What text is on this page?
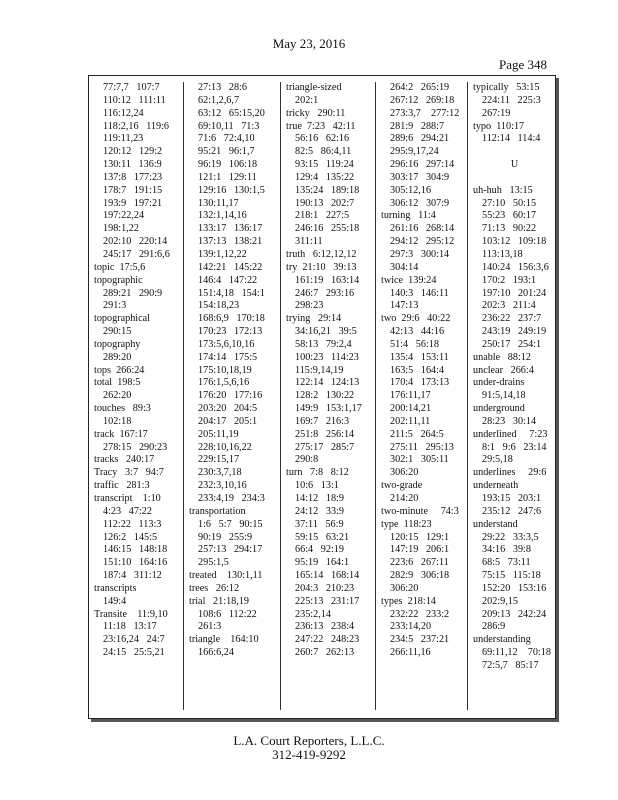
May 23, 2016
Page 348
77:7,7   107:7
110:12   111:11
116:12,24
118:2,16   119:6
119:11,23
120:12   129:2
130:11   136:9
137:8   177:23
178:7   191:15
193:9   197:21
197:22,24
198:1,22
202:10   220:14
245:17   291:6,6
topic  17:5,6
topographic
289:21   290:9
291:3
topographical
290:15
topography
289:20
tops  266:24
total  198:5
262:20
touches   89:3
102:18
track  167:17
278:15   290:23
tracks   240:17
Tracy   3:7   94:7
traffic   281:3
transcript    1:10
4:23   47:22
112:22   113:3
126:2   145:5
146:15   148:18
151:10   164:16
187:4   311:12
transcripts
149:4
Transite    11:9,10
11:18   13:17
23:16,24   24:7
24:15   25:5,21
27:13   28:6
62:1,2,6,7
63:12   65:15,20
69:10,11   71:3
71:6   72:4,10
95:21   96:1,7
96:19   106:18
121:1   129:11
129:16   130:1,5
130:11,17
132:1,14,16
133:17   136:17
137:13   138:21
139:1,12,22
142:21   145:22
146:4   147:22
151:4,18   154:1
154:18,23
168:6,9   170:18
170:23   172:13
173:5,6,10,16
174:14   175:5
175:10,18,19
176:1,5,6,16
176:20   177:16
203:20   204:5
204:17   205:1
205:11,19
228:10,16,22
229:15,17
230:3,7,18
232:3,10,16
233:4,19   234:3
transportation
1:6   5:7   90:15
90:19   255:9
257:13   294:17
295:1,5
treated    130:1,11
trees   26:12
trial   21:18,19
108:6   112:22
261:3
triangle    164:10
166:6,24
triangle-sized
202:1
tricky   290:11
true  7:23   42:11
56:16   62:16
82:5   86:4,11
93:15   119:24
129:4   135:22
135:24   189:18
190:13   202:7
218:1   227:5
246:16   255:18
311:11
truth   6:12,12,12
try  21:10   39:13
161:19   163:14
246:7   293:16
298:23
trying   29:14
34:16,21   39:5
58:13   79:2,4
100:23   114:23
115:9,14,19
122:14   124:13
128:2   130:22
149:9   153:1,17
169:7   216:3
251:8   256:14
275:17   285:7
290:8
turn   7:8   8:12
10:6   13:1
14:12   18:9
24:12   33:9
37:11   56:9
59:15   63:21
66:4   92:19
95:19   164:1
165:14   168:14
204:3   210:23
225:13   231:17
235:2,14
236:13   238:4
247:22   248:23
260:7   262:13
264:2   265:19
267:12   269:18
273:3,7    277:12
281:9   288:7
289:6   294:21
295:9,17,24
296:16   297:14
303:17   304:9
305:12,16
306:12   307:9
turning   11:4
261:16   268:14
294:12   295:12
297:3   300:14
304:14
twice  139:24
140:3   146:11
147:13
two  29:6   40:22
42:13   44:16
51:4   56:18
135:4   153:11
163:5   164:4
170:4   173:13
176:11,17
200:14,21
202:11,11
211:5   264:5
275:11   295:13
302:1   305:11
306:20
two-grade
214:20
two-minute     74:3
type  118:23
120:15   129:1
147:19   206:1
223:6   267:11
282:9   306:18
306:20
types  218:14
232:22   233:2
233:14,20
234:5   237:21
266:11,16
typically   53:15
224:11   225:3
267:19
typo  110:17
112:14   114:4

U

uh-huh   13:15
27:10   50:15
55:23   60:17
71:13   90:22
103:12   109:18
113:13,18
140:24   156:3,6
170:2   193:1
197:10   201:24
202:3   211:4
236:22   237:7
243:19   249:19
250:17   254:1
unable   88:12
unclear   266:4
under-drains
91:5,14,18
underground
28:23   30:14
underlined     7:23
8:1   9:6   23:14
29:5,18
underlines     29:6
underneath
193:15   203:1
235:12   247:6
understand
29:22   33:3,5
34:16   39:8
68:5   73:11
75:15   115:18
152:20   153:16
202:9,15
209:13   242:24
286:9
understanding
69:11,12    70:18
72:5,7   85:17
L.A. Court Reporters, L.L.C.
312-419-9292
